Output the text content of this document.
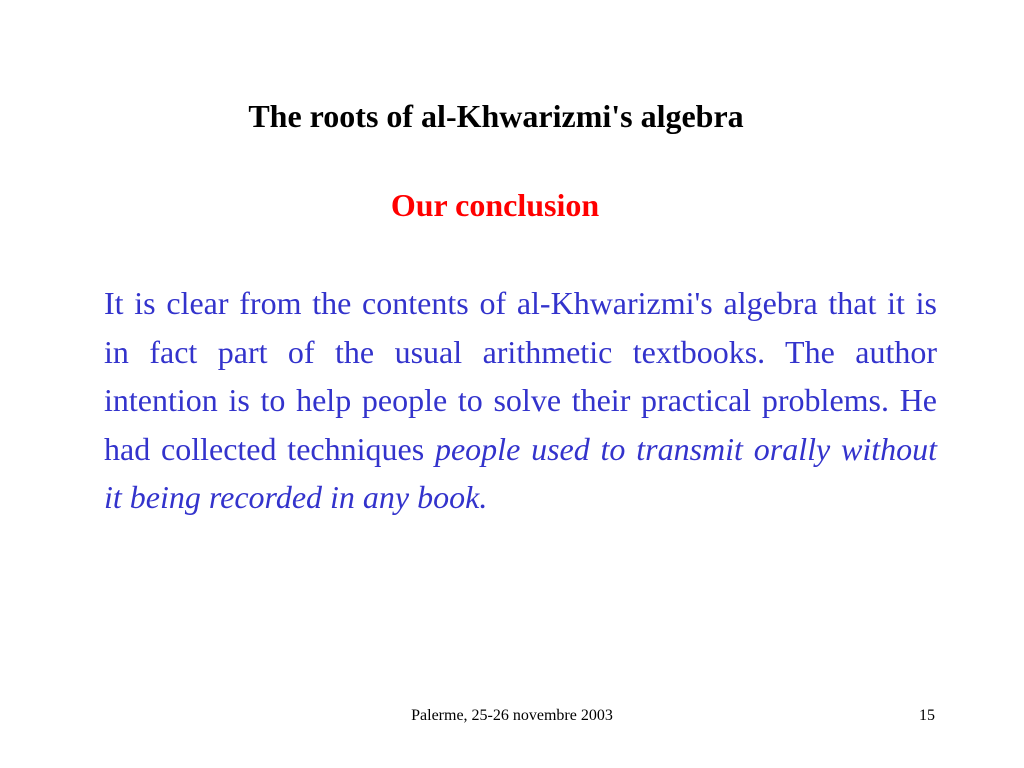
The roots of al-Khwarizmi's algebra
Our conclusion

It is clear from the contents of al-Khwarizmi's algebra that it is in fact part of the usual arithmetic textbooks. The author intention is to help people to solve their practical problems. He had collected techniques people used to transmit orally without it being recorded in any book.

Palerme, 25-26 novembre 2003	15
